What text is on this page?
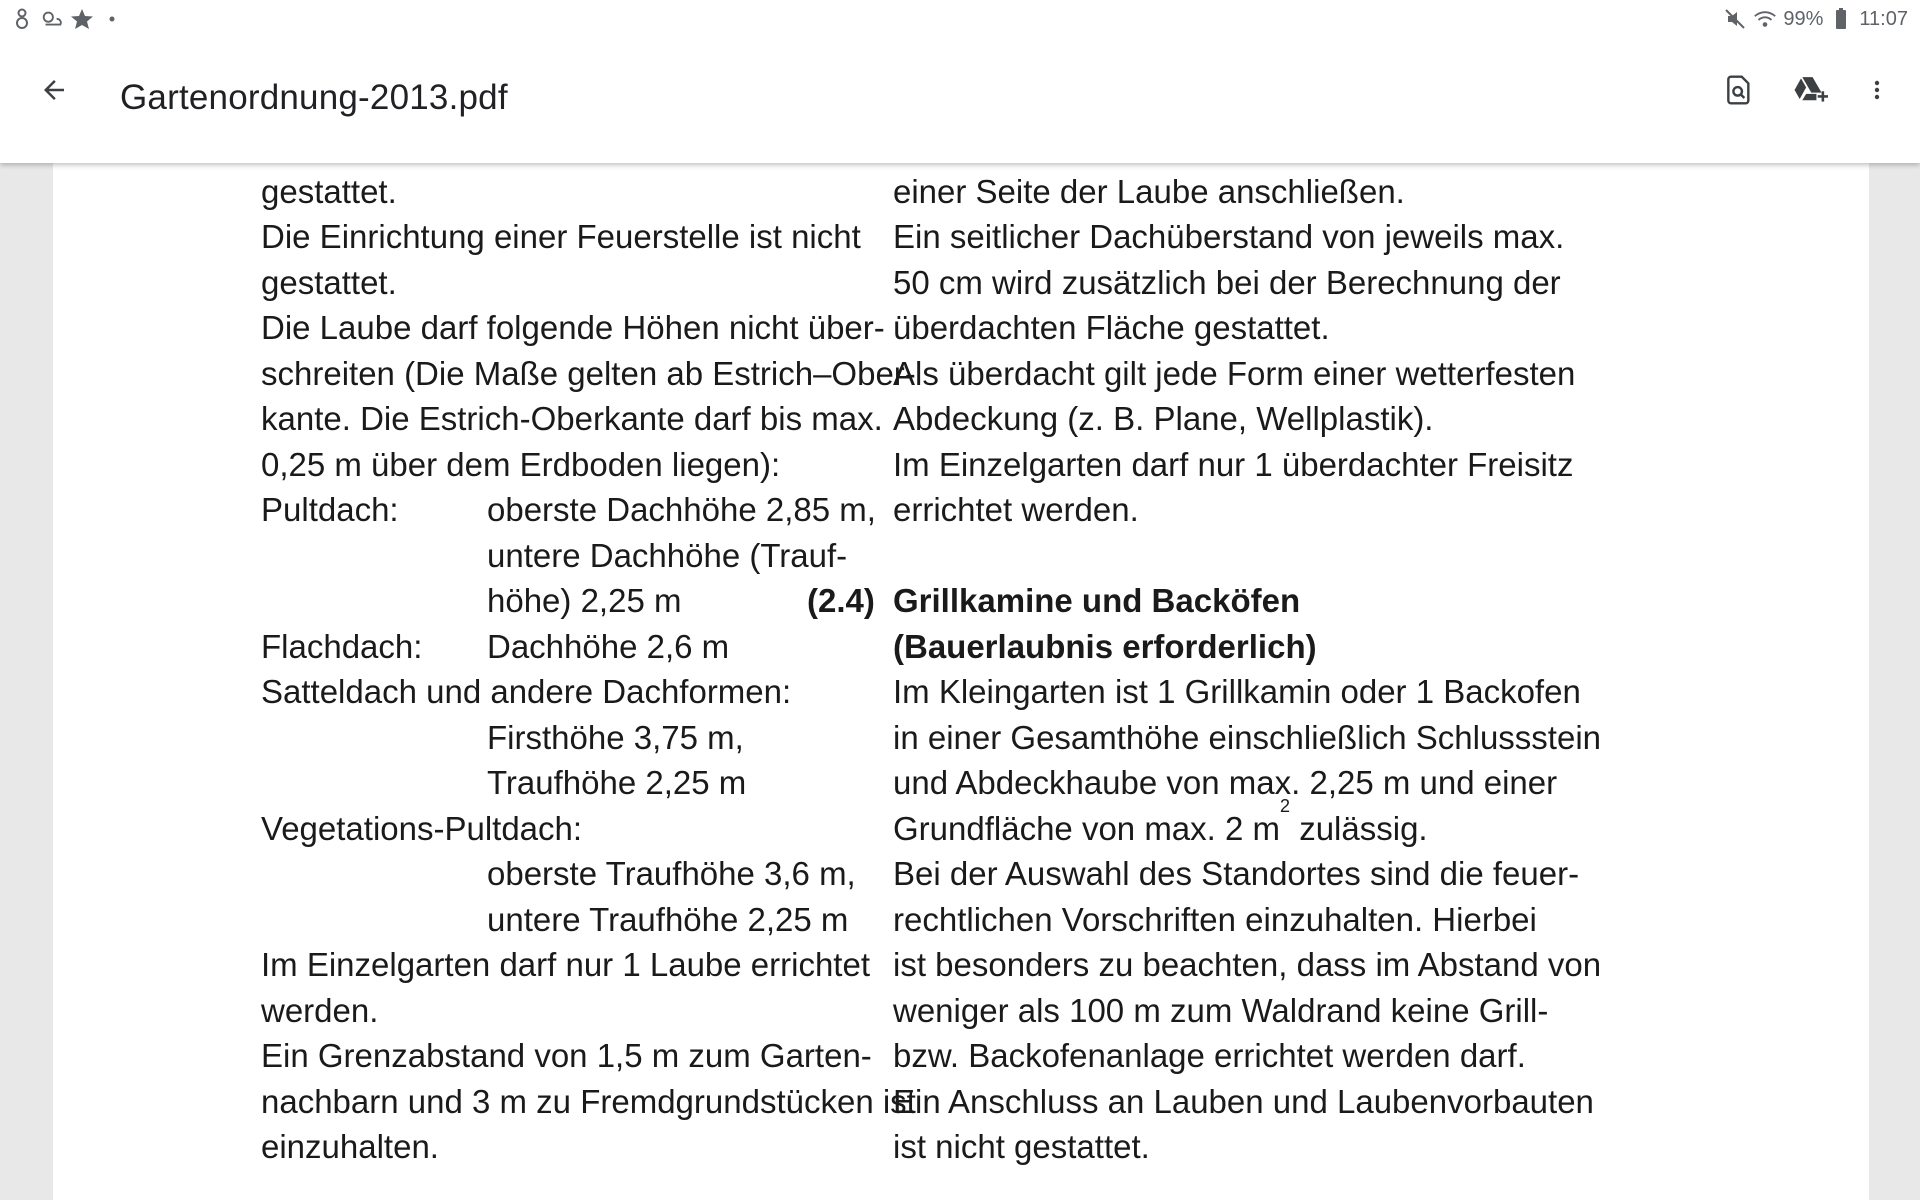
99% 11:07
Gartenordnung-2013.pdf
gestattet.
Die Einrichtung einer Feuerstelle ist nicht
gestattet.
Die Laube darf folgende Höhen nicht über-
schreiten (Die Maße gelten ab Estrich–Ober-
kante. Die Estrich-Oberkante darf bis max.
0,25 m über dem Erdboden liegen):
Pultdach:	oberste Dachhöhe 2,85 m,
untere Dachhöhe (Trauf-
höhe) 2,25 m
Flachdach:	Dachhöhe 2,6 m
Satteldach und andere Dachformen:
Firsthöhe 3,75 m,
Traufhöhe 2,25 m
Vegetations-Pultdach:
oberste Traufhöhe 3,6 m,
untere Traufhöhe 2,25 m
Im Einzelgarten darf nur 1 Laube errichtet
werden.
Ein Grenzabstand von 1,5 m zum Garten-
nachbarn und 3 m zu Fremdgrundstücken ist
einzuhalten.
einer Seite der Laube anschließen.
Ein seitlicher Dachüberstand von jeweils max.
50 cm wird zusätzlich bei der Berechnung der
überdachten Fläche gestattet.
Als überdacht gilt jede Form einer wetterfesten
Abdeckung (z. B. Plane, Wellplastik).
Im Einzelgarten darf nur 1 überdachter Freisitz
errichtet werden.
(2.4) Grillkamine und Backöfen
(Bauerlaubnis erforderlich)
Im Kleingarten ist 1 Grillkamin oder 1 Backofen
in einer Gesamthöhe einschließlich Schlussstein
und Abdeckhaube von max. 2,25 m und einer
Grundfläche von max. 2 m
2

zulässig.
Bei der Auswahl des Standortes sind die feuer-
rechtlichen Vorschriften einzuhalten. Hierbei
ist besonders zu beachten, dass im Abstand von
weniger als 100 m zum Waldrand keine Grill-
bzw. Backofenanlage errichtet werden darf.
Ein Anschluss an Lauben und Laubenvorbauten
ist nicht gestattet.
